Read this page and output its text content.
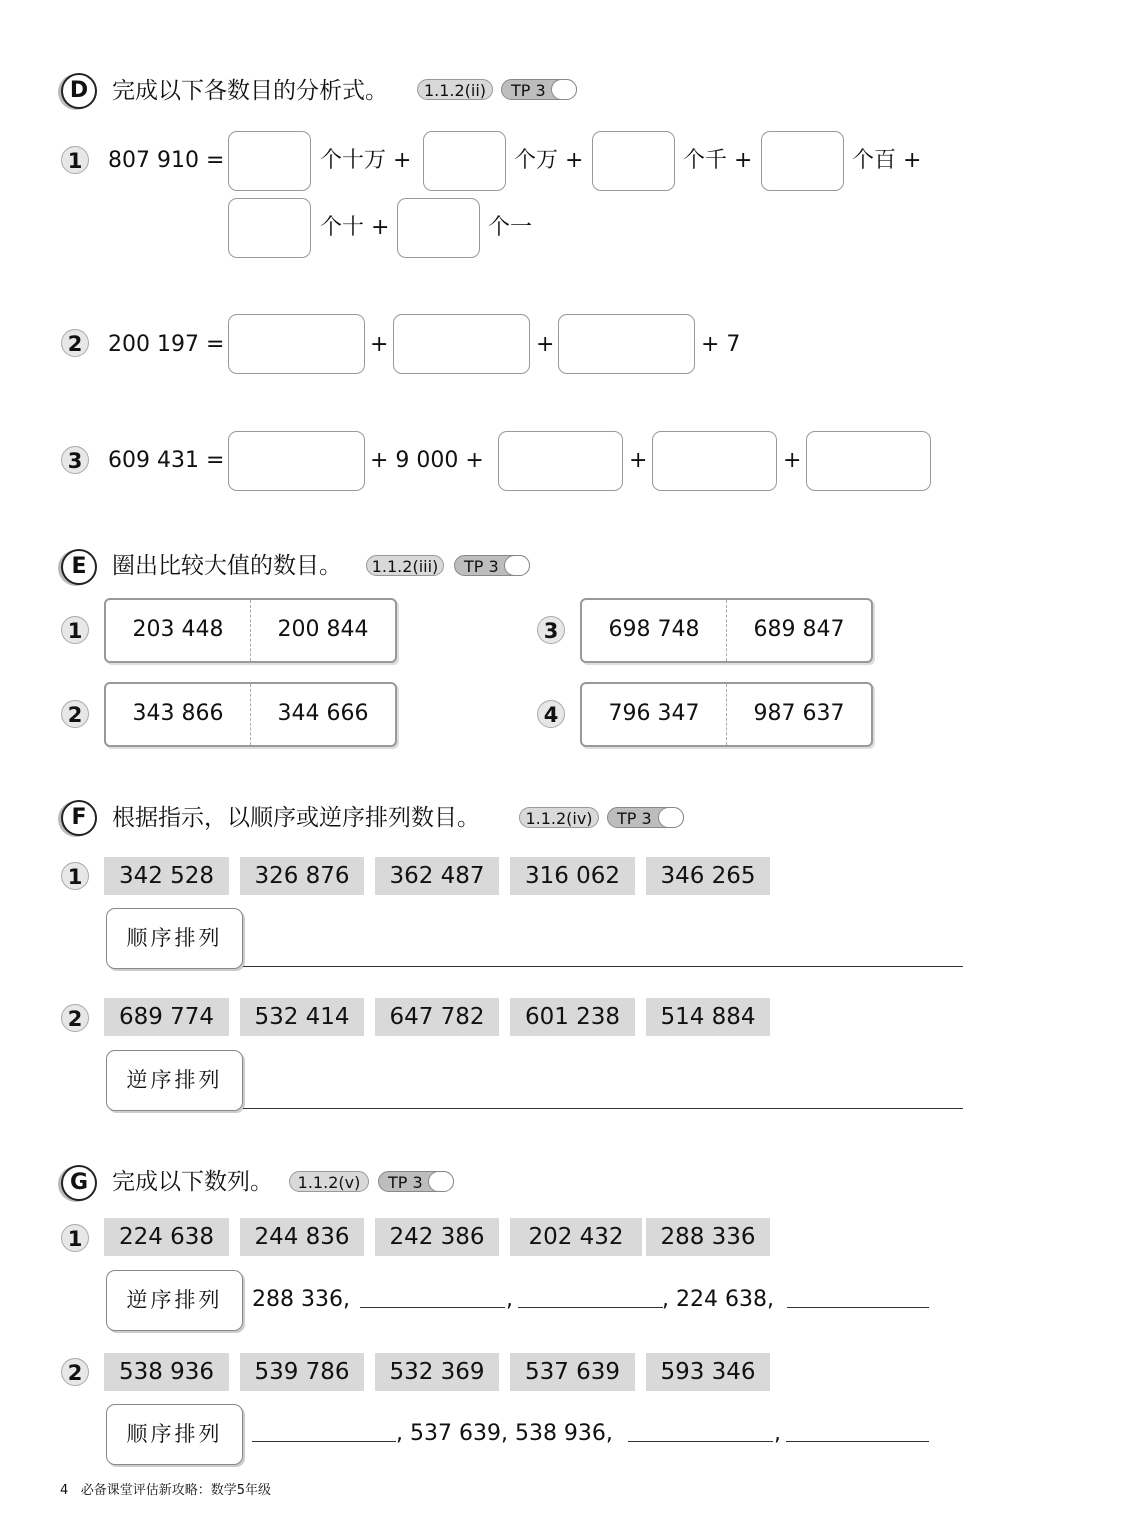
D	完成以下各数目的分析式。	1.1.2(ii)	TP 3
1	807 910 =	个十万 +	个万 +	个千 +	个百 +
个十 +	个一
2	200 197 =	+	+	+ 7
3	609 431 =	+ 9 000 +	+	+
E	圈出比较大值的数目。	1.1.2(iii)	TP 3
1	203 448	200 844
2	343 866	344 666
3	698 748	689 847
4	796 347	987 637
F	根据指示，以顺序或逆序排列数目。	1.1.2(iv)	TP 3
1	342 528	326 876	362 487	316 062	346 265
顺序排列
2	689 774	532 414	647 782	601 238	514 884
逆序排列
G	完成以下数列。	1.1.2(v)	TP 3
1	224 638	244 836	242 386	202 432	288 336
逆序排列	288 336,	,	, 224 638,
2	538 936	539 786	532 369	537 639	593 346
顺序排列	, 537 639, 538 936,	,
4 必备课堂评估新攻略：数学5年级
